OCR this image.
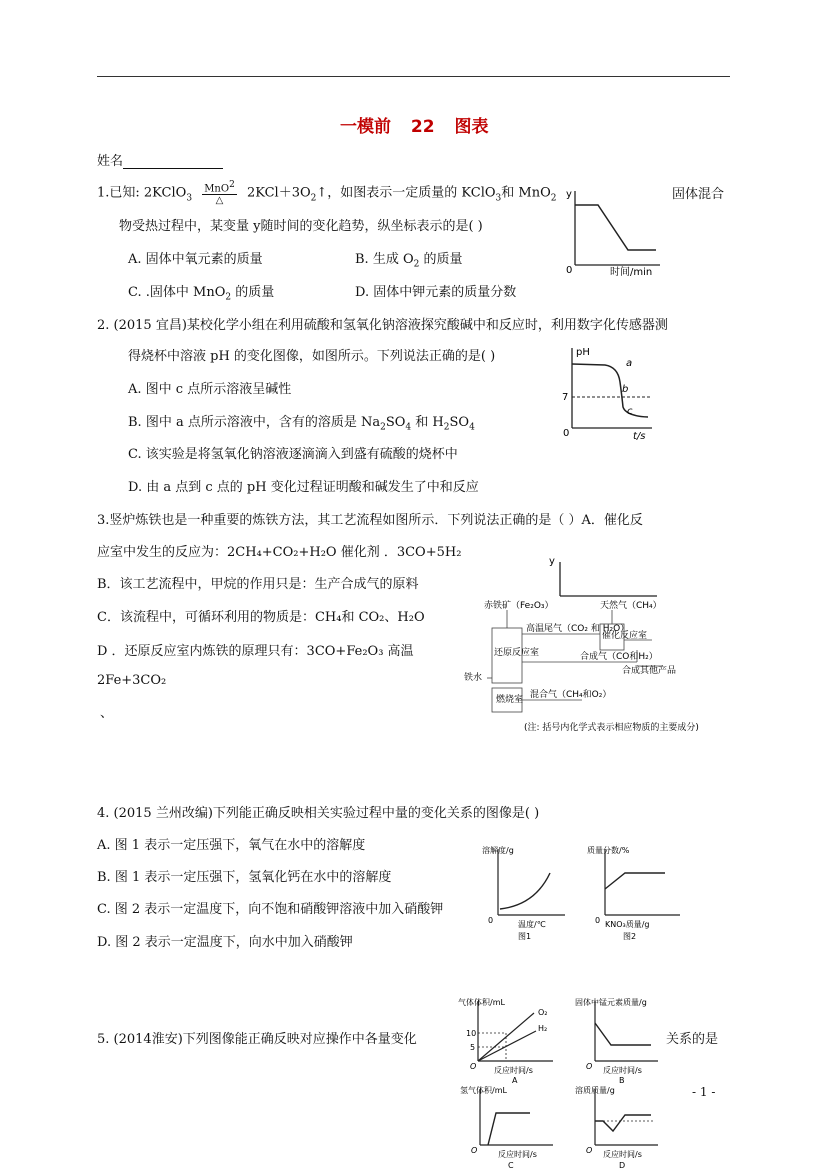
一模前 22 图表
姓名
1.已知: 2KClO$_3$ $\frac{MnO^2}{\triangle}$ $2KCl+3O_2↑$，如图表示一定质量的 KClO$_3$和 MnO$_2$	固体混合
物受热过程中，某变量 y随时间的变化趋势，纵坐标表示的是( )
A. 固体中氧元素的质量	B. 生成 $O_2$ 的质量
C. .固体中 MnO$_2$ 的质量	D. 固体中钾元素的质量分数
y
0	时间/min
2. (2015 宜昌)某校化学小组在利用硫酸和氢氧化钠溶液探究酸碱中和反应时，利用数字化传感器测
得烧杯中溶液 pH 的变化图像，如图所示。下列说法正确的是( )
A. 图中 c 点所示溶液呈碱性
B. 图中 a 点所示溶液中，含有的溶质是 $Na_2SO_4$ 和 $H_2SO_4$
C. 该实验是将氢氧化钠溶液逐滴滴入到盛有硫酸的烧杯中
D. 由 a 点到 c 点的 pH 变化过程证明酸和碱发生了中和反应
pH
7
0	t/s
a
b
c
3.竖炉炼铁也是一种重要的炼铁方法，其工艺流程如图所示．下列说法正确的是（ ）A．催化反
应室中发生的反应为：2CH₄+CO₂+H₂O 催化剂 ．3CO+5H₂
B．该工艺流程中，甲烷的作用只是：生产合成气的原料
C．该流程中，可循环利用的物质是：CH₄和 CO₂、H₂O
D ．还原反应室内炼铁的原理只有：3CO+Fe₂O₃ 高温
2Fe+3CO₂
、
y
赤铁矿（Fe₂O₃）	天然气（CH₄）
高温尾气（CO₂ 和 H₂O）
催化反应室
还原反应室	合成气（CO和H₂）
合成其他产品
铁水
燃烧室 混合气（CH₄和O₂）
(注: 括号内化学式表示相应物质的主要成分)
4. (2015 兰州改编)下列能正确反映相关实验过程中量的变化关系的图像是( )
A. 图 1 表示一定压强下，氧气在水中的溶解度
B. 图 1 表示一定压强下，氢氧化钙在水中的溶解度
C. 图 2 表示一定温度下，向不饱和硝酸钾溶液中加入硝酸钾
D. 图 2 表示一定温度下，向水中加入硝酸钾
溶解度/g
0	温度/℃
图1
质量分数/%
0 KNO₃质量/g
图2
5. (2014淮安)下列图像能正确反映对应操作中各量变化	关系的是
气体体积/mL
10
5
O
O₂
H₂
反应时间/s
A
固体中锰元素质量/g
O 反应时间/s
B
氢气体积/mL
O	反应时间/s
C
溶质质量/g
O 反应时间/s
D
- 1 -
